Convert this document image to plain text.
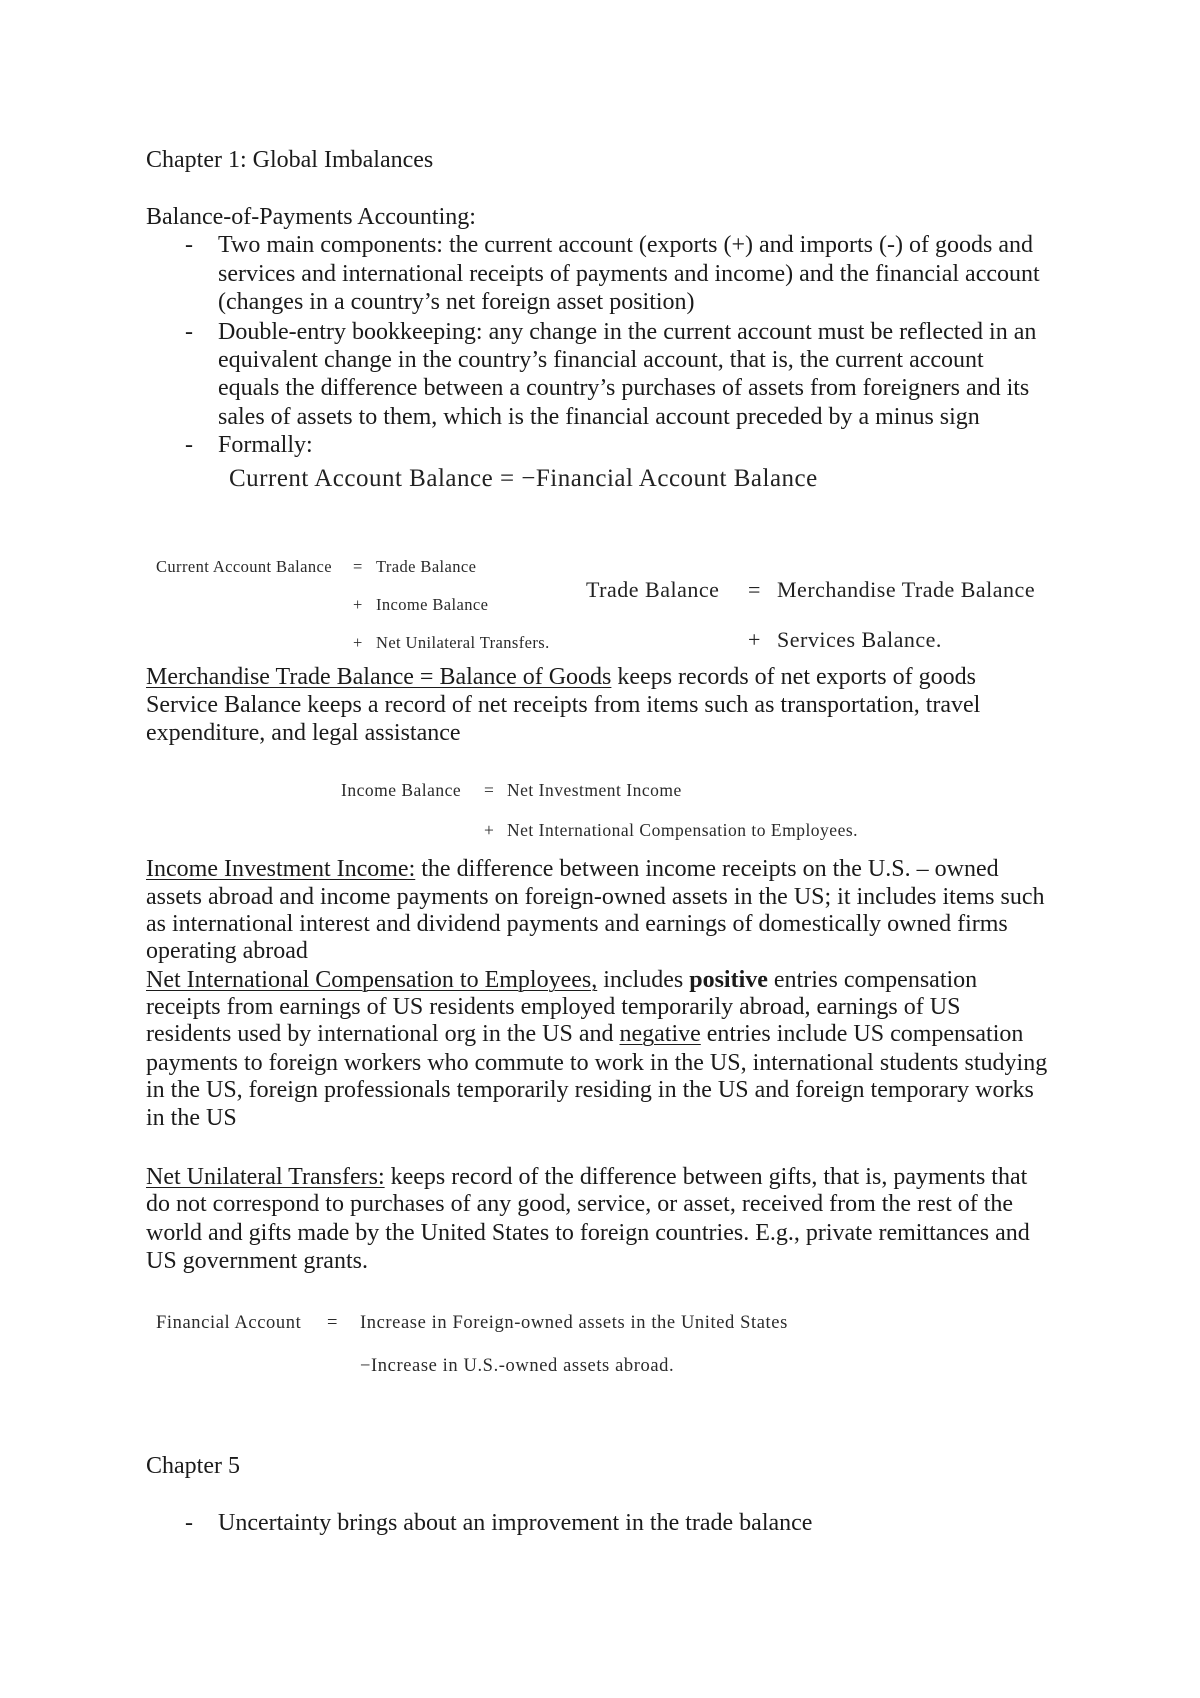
Chapter 1: Global Imbalances
Balance-of-Payments Accounting:
- Two main components: the current account (exports (+) and imports (-) of goods and
services and international receipts of payments and income) and the financial account
(changes in a country’s net foreign asset position)
- Double-entry bookkeeping: any change in the current account must be reflected in an
equivalent change in the country’s financial account, that is, the current account
equals the difference between a country’s purchases of assets from foreigners and its
sales of assets to them, which is the financial account preceded by a minus sign
- Formally:
Current Account Balance = −Financial Account Balance
Current Account Balance = Trade Balance
+ Income Balance
+ Net Unilateral Transfers.
Trade Balance = Merchandise Trade Balance
+ Services Balance.
Merchandise Trade Balance = Balance of Goods keeps records of net exports of goods
Service Balance keeps a record of net receipts from items such as transportation, travel
expenditure, and legal assistance
Income Balance = Net Investment Income
+ Net International Compensation to Employees.
Income Investment Income: the difference between income receipts on the U.S. – owned
assets abroad and income payments on foreign-owned assets in the US; it includes items such
as international interest and dividend payments and earnings of domestically owned firms
operating abroad
Net International Compensation to Employees, includes positive entries compensation
receipts from earnings of US residents employed temporarily abroad, earnings of US
residents used by international org in the US and negative entries include US compensation
payments to foreign workers who commute to work in the US, international students studying
in the US, foreign professionals temporarily residing in the US and foreign temporary works
in the US
Net Unilateral Transfers: keeps record of the difference between gifts, that is, payments that
do not correspond to purchases of any good, service, or asset, received from the rest of the
world and gifts made by the United States to foreign countries. E.g., private remittances and
US government grants.
Financial Account = Increase in Foreign-owned assets in the United States
−Increase in U.S.-owned assets abroad.
Chapter 5
- Uncertainty brings about an improvement in the trade balance
